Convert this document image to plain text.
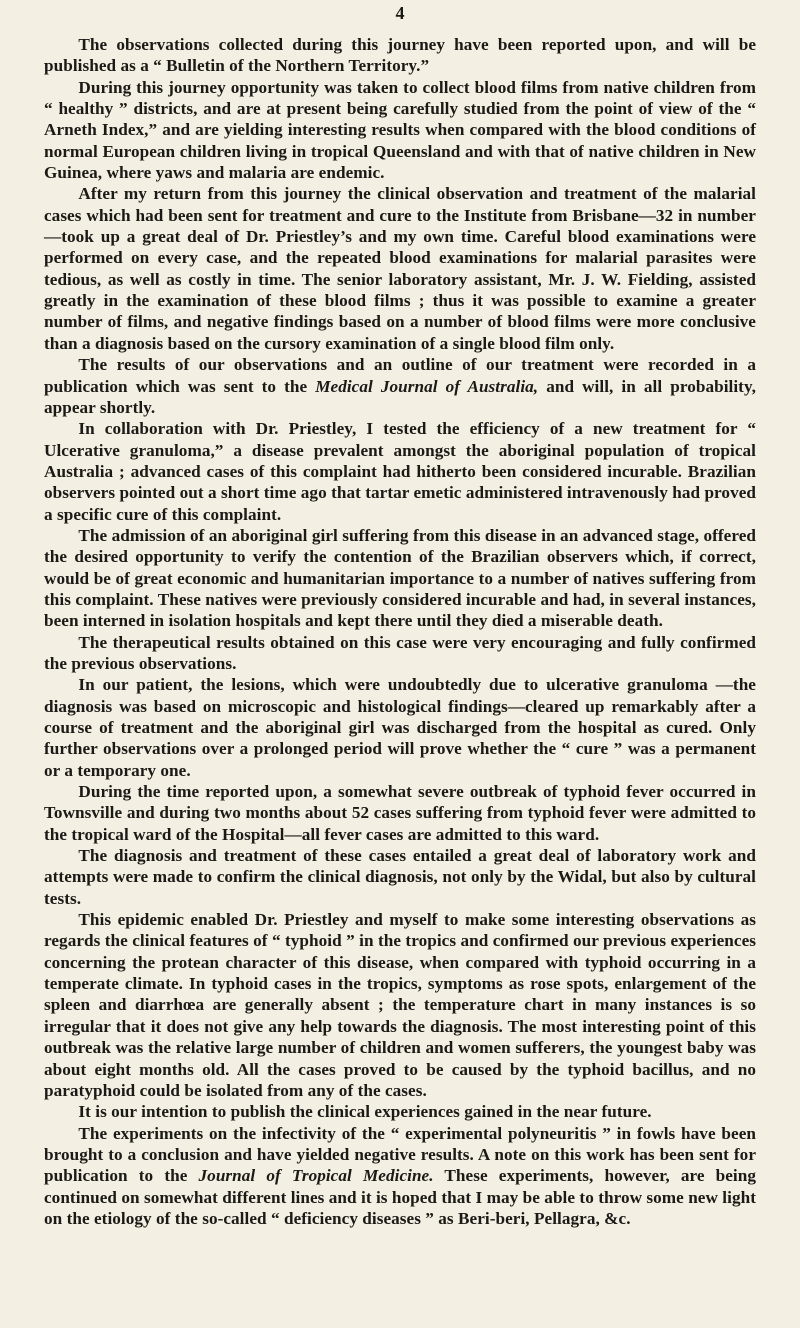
4

The observations collected during this journey have been reported upon, and will be published as a “ Bulletin of the Northern Territory.”

During this journey opportunity was taken to collect blood films from native children from “ healthy ” districts, and are at present being carefully studied from the point of view of the “ Arneth Index,” and are yielding interesting results when compared with the blood conditions of normal European children living in tropical Queensland and with that of native children in New Guinea, where yaws and malaria are endemic.

After my return from this journey the clinical observation and treatment of the malarial cases which had been sent for treatment and cure to the Institute from Brisbane—32 in number—took up a great deal of Dr. Priestley’s and my own time. Careful blood examinations were performed on every case, and the repeated blood examinations for malarial parasites were tedious, as well as costly in time. The senior laboratory assistant, Mr. J. W. Fielding, assisted greatly in the examination of these blood films ; thus it was possible to examine a greater number of films, and negative findings based on a number of blood films were more conclusive than a diagnosis based on the cursory examination of a single blood film only.

The results of our observations and an outline of our treatment were recorded in a publication which was sent to the Medical Journal of Australia, and will, in all probability, appear shortly.

In collaboration with Dr. Priestley, I tested the efficiency of a new treatment for “ Ulcerative granuloma,” a disease prevalent amongst the aboriginal population of tropical Australia ; advanced cases of this complaint had hitherto been considered incurable. Brazilian observers pointed out a short time ago that tartar emetic administered intravenously had proved a specific cure of this complaint.

The admission of an aboriginal girl suffering from this disease in an advanced stage, offered the desired opportunity to verify the contention of the Brazilian observers which, if correct, would be of great economic and humanitarian importance to a number of natives suffering from this complaint. These natives were previously considered incurable and had, in several instances, been interned in isolation hospitals and kept there until they died a miserable death.

The therapeutical results obtained on this case were very encouraging and fully confirmed the previous observations.

In our patient, the lesions, which were undoubtedly due to ulcerative granuloma —the diagnosis was based on microscopic and histological findings—cleared up remarkably after a course of treatment and the aboriginal girl was discharged from the hospital as cured. Only further observations over a prolonged period will prove whether the “ cure ” was a permanent or a temporary one.

During the time reported upon, a somewhat severe outbreak of typhoid fever occurred in Townsville and during two months about 52 cases suffering from typhoid fever were admitted to the tropical ward of the Hospital—all fever cases are admitted to this ward.

The diagnosis and treatment of these cases entailed a great deal of laboratory work and attempts were made to confirm the clinical diagnosis, not only by the Widal, but also by cultural tests.

This epidemic enabled Dr. Priestley and myself to make some interesting observations as regards the clinical features of “ typhoid ” in the tropics and confirmed our previous experiences concerning the protean character of this disease, when compared with typhoid occurring in a temperate climate. In typhoid cases in the tropics, symptoms as rose spots, enlargement of the spleen and diarrhœa are generally absent ; the temperature chart in many instances is so irregular that it does not give any help towards the diagnosis. The most interesting point of this outbreak was the relative large number of children and women sufferers, the youngest baby was about eight months old. All the cases proved to be caused by the typhoid bacillus, and no paratyphoid could be isolated from any of the cases.

It is our intention to publish the clinical experiences gained in the near future.

The experiments on the infectivity of the “ experimental polyneuritis ” in fowls have been brought to a conclusion and have yielded negative results. A note on this work has been sent for publication to the Journal of Tropical Medicine. These experiments, however, are being continued on somewhat different lines and it is hoped that I may be able to throw some new light on the etiology of the so-called “ deficiency diseases ” as Beri-beri, Pellagra, &c.
